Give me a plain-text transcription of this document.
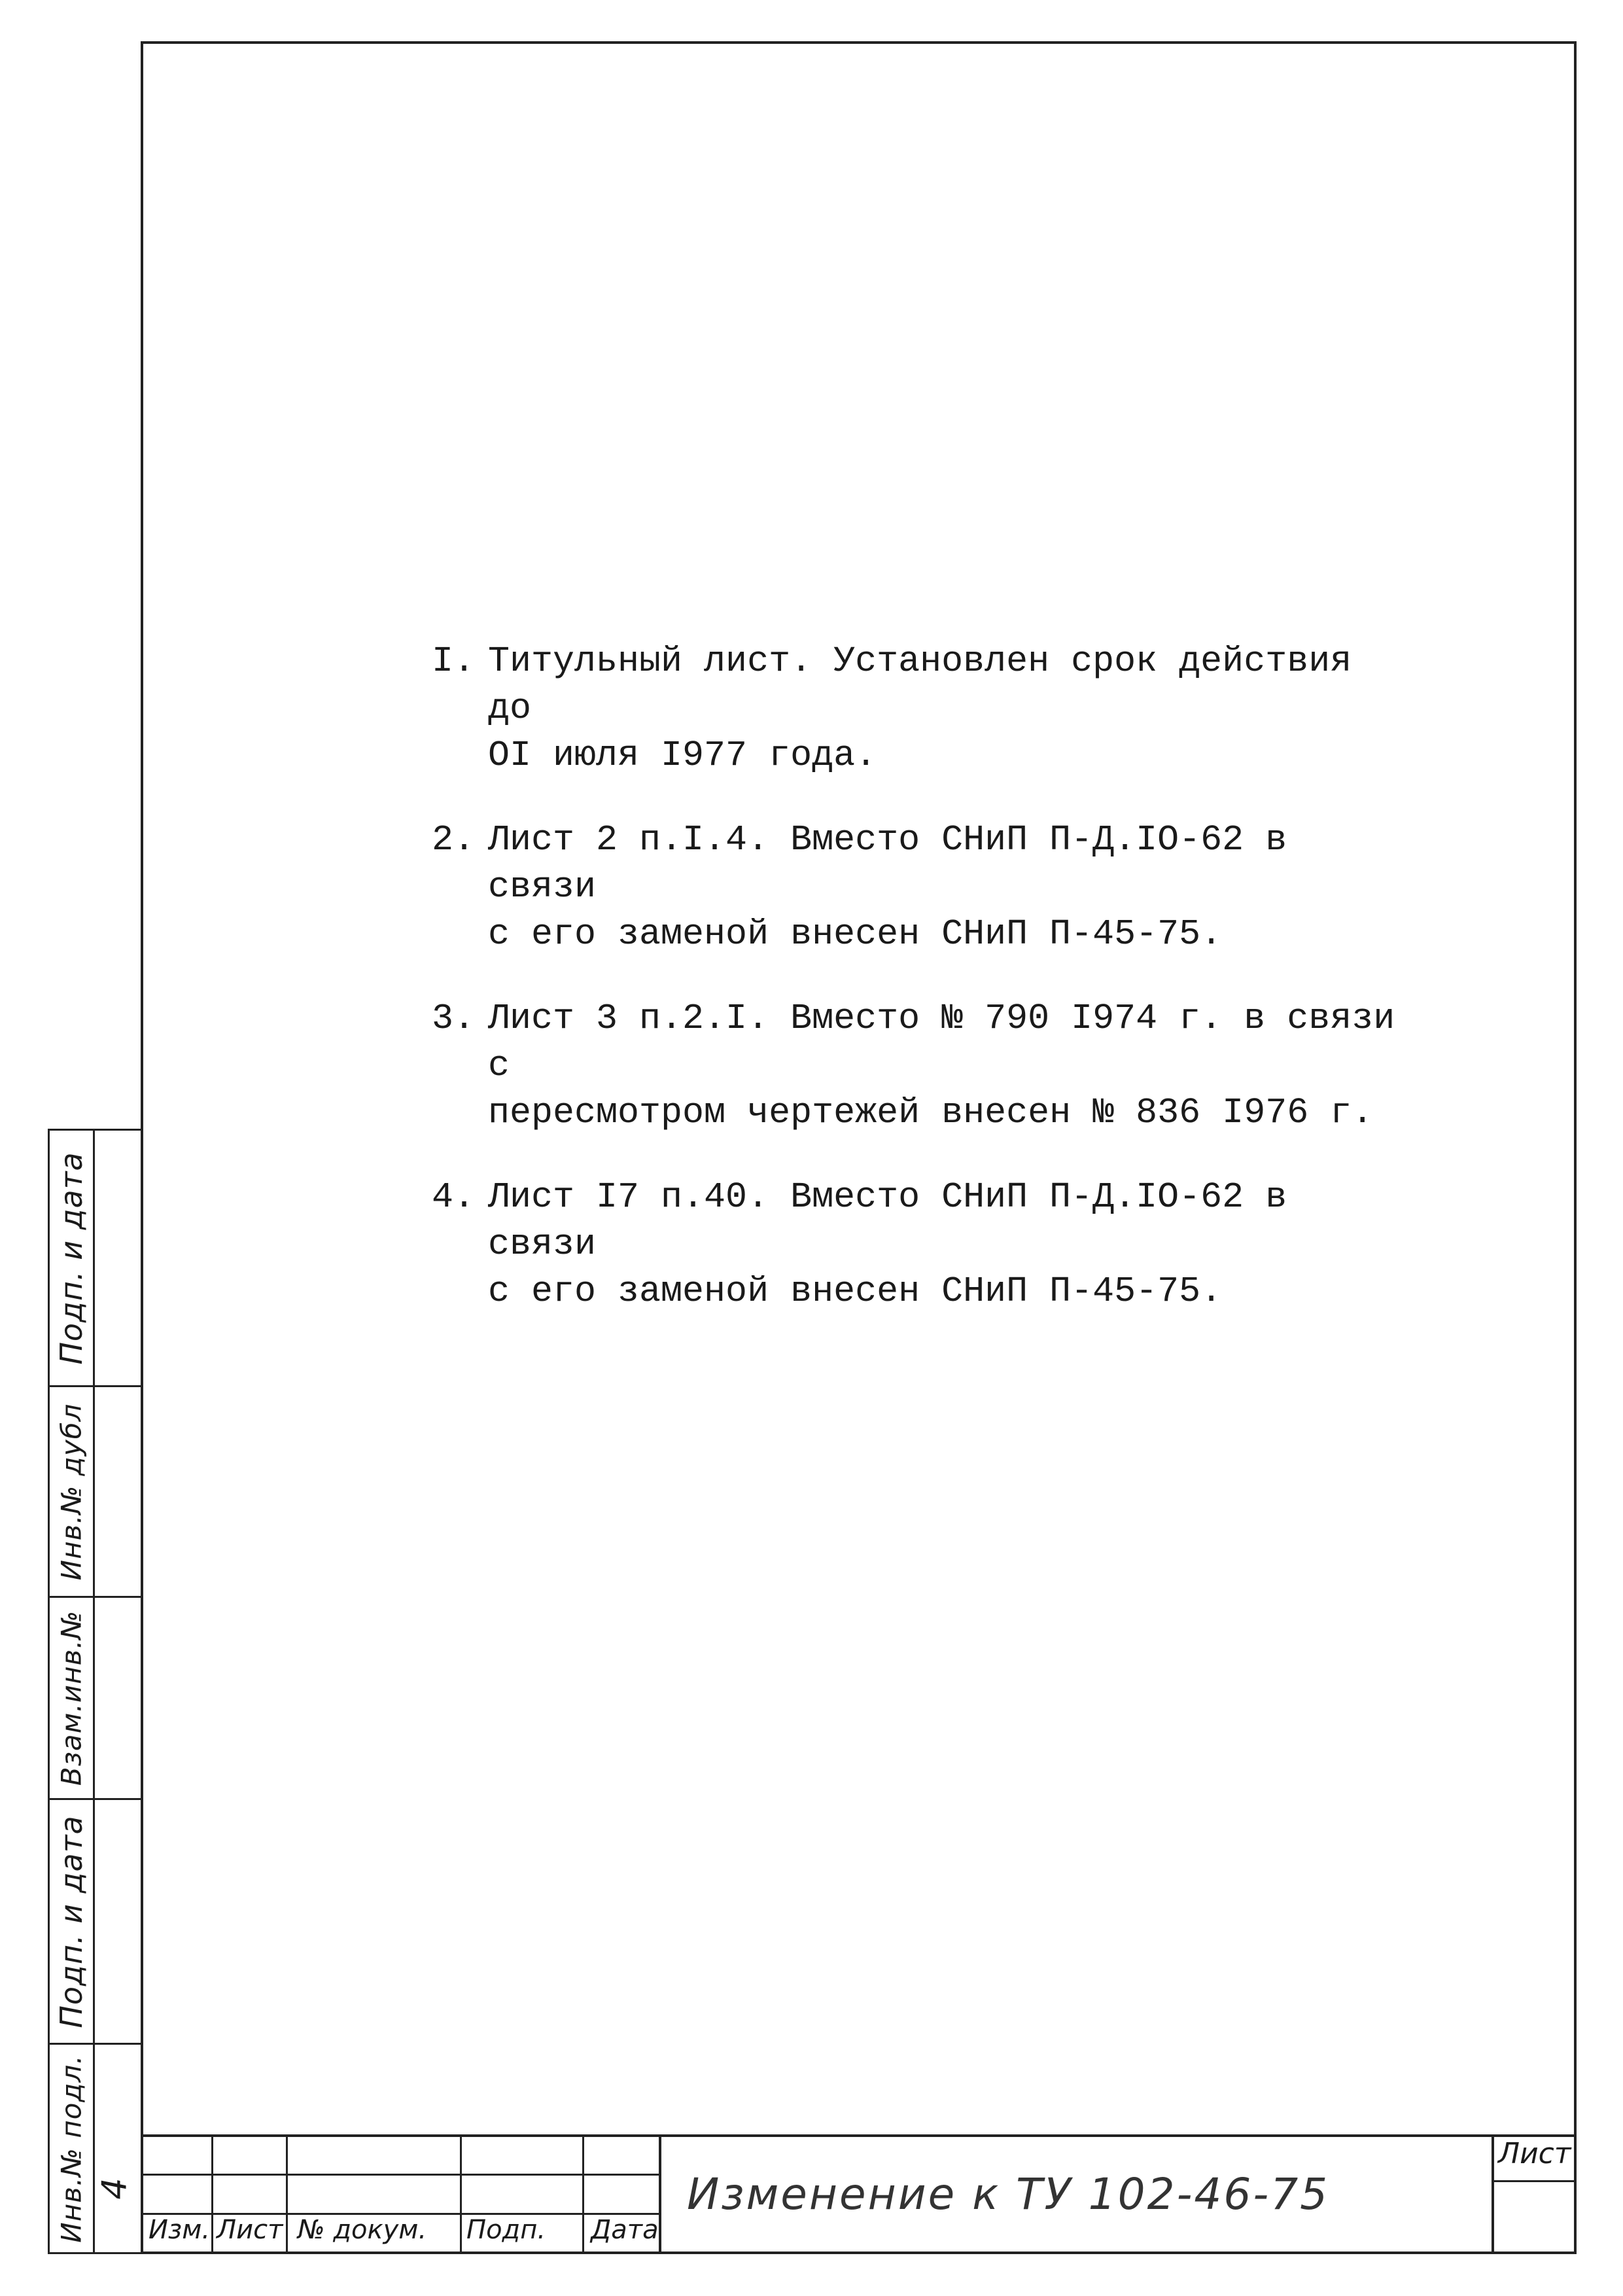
I. Титульный лист. Установлен срок действия до
OI июля I977 года.
2. Лист 2 п.I.4. Вместо СНиП П-Д.IO-62 в связи
с его заменой внесен СНиП П-45-75.
3. Лист 3 п.2.I. Вместо № 790 I974 г. в связи с
пересмотром чертежей внесен № 836 I976 г.
4. Лист I7 п.40. Вместо СНиП П-Д.IO-62 в связи
с его заменой внесен СНиП П-45-75.
Подп. и дата
Инв.№ дубл
Взам.инв.№
Подп. и дата
Инв.№ подл. 4
Изм. Лист № докум. Подп. Дата
Изменение к ТУ 102-46-75
Лист
